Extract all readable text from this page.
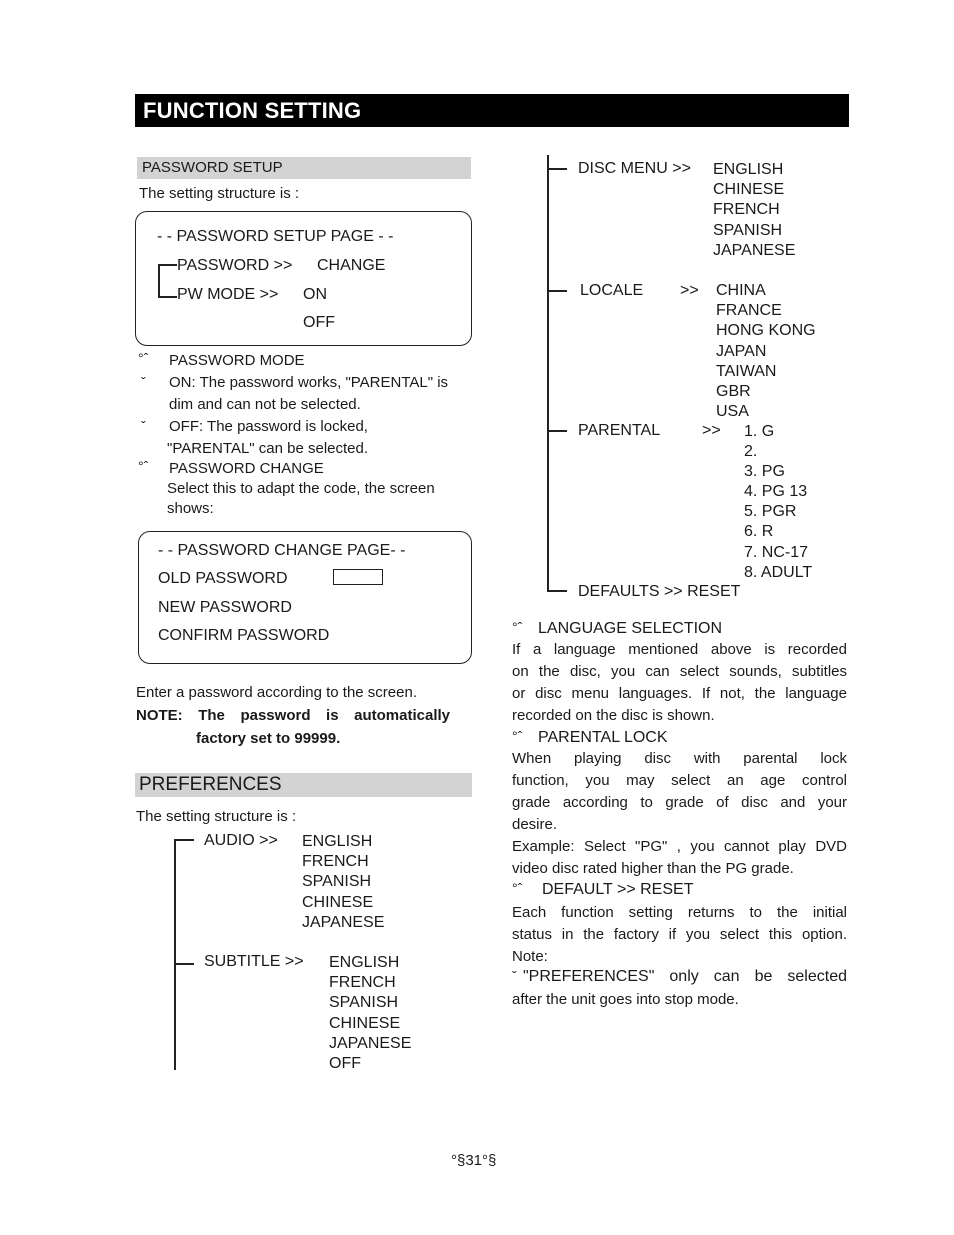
FUNCTION SETTING
PASSWORD SETUP
The setting structure is :
- - PASSWORD SETUP PAGE - -
PASSWORD >> CHANGE
PW MODE >> ON
OFF
°ˆ PASSWORD MODE
ˇ ON: The password works, "PARENTAL" is
dim and can not be selected.
ˇ OFF: The password is locked,
"PARENTAL" can be selected.
°ˆ PASSWORD CHANGE
Select this to adapt the code, the screen
shows:
- - PASSWORD CHANGE PAGE- -
OLD PASSWORD
NEW PASSWORD
CONFIRM PASSWORD
Enter a password according to the screen.
NOTE: The password is automatically
factory set to 99999.
PREFERENCES
The setting structure is :
AUDIO >> ENGLISH
FRENCH
SPANISH
CHINESE
JAPANESE
SUBTITLE >> ENGLISH
FRENCH
SPANISH
CHINESE
JAPANESE
OFF
DISC MENU >> ENGLISH
CHINESE
FRENCH
SPANISH
JAPANESE
LOCALE >> CHINA
FRANCE
HONG KONG
JAPAN
TAIWAN
GBR
USA
PARENTAL	>> 1. G
2.
3. PG
4. PG 13
5. PGR
6. R
7. NC-17
8. ADULT
DEFAULTS >> RESET
°ˆ LANGUAGE SELECTION
If a language mentioned above is recorded
on the disc, you can select sounds, subtitles
or disc menu languages. If not, the language
recorded on the disc is shown.
°ˆ PARENTAL LOCK
When playing disc with parental lock
function, you may select an age control
grade according to grade of disc and your
desire.
Example: Select "PG" , you cannot play DVD
video disc rated higher than the PG grade.
°ˆ DEFAULT >> RESET
Each function setting returns to the initial
status in the factory if you select this option.
Note:
ˇ "PREFERENCES" only can be selected
after the unit goes into stop mode.
°§31°§
